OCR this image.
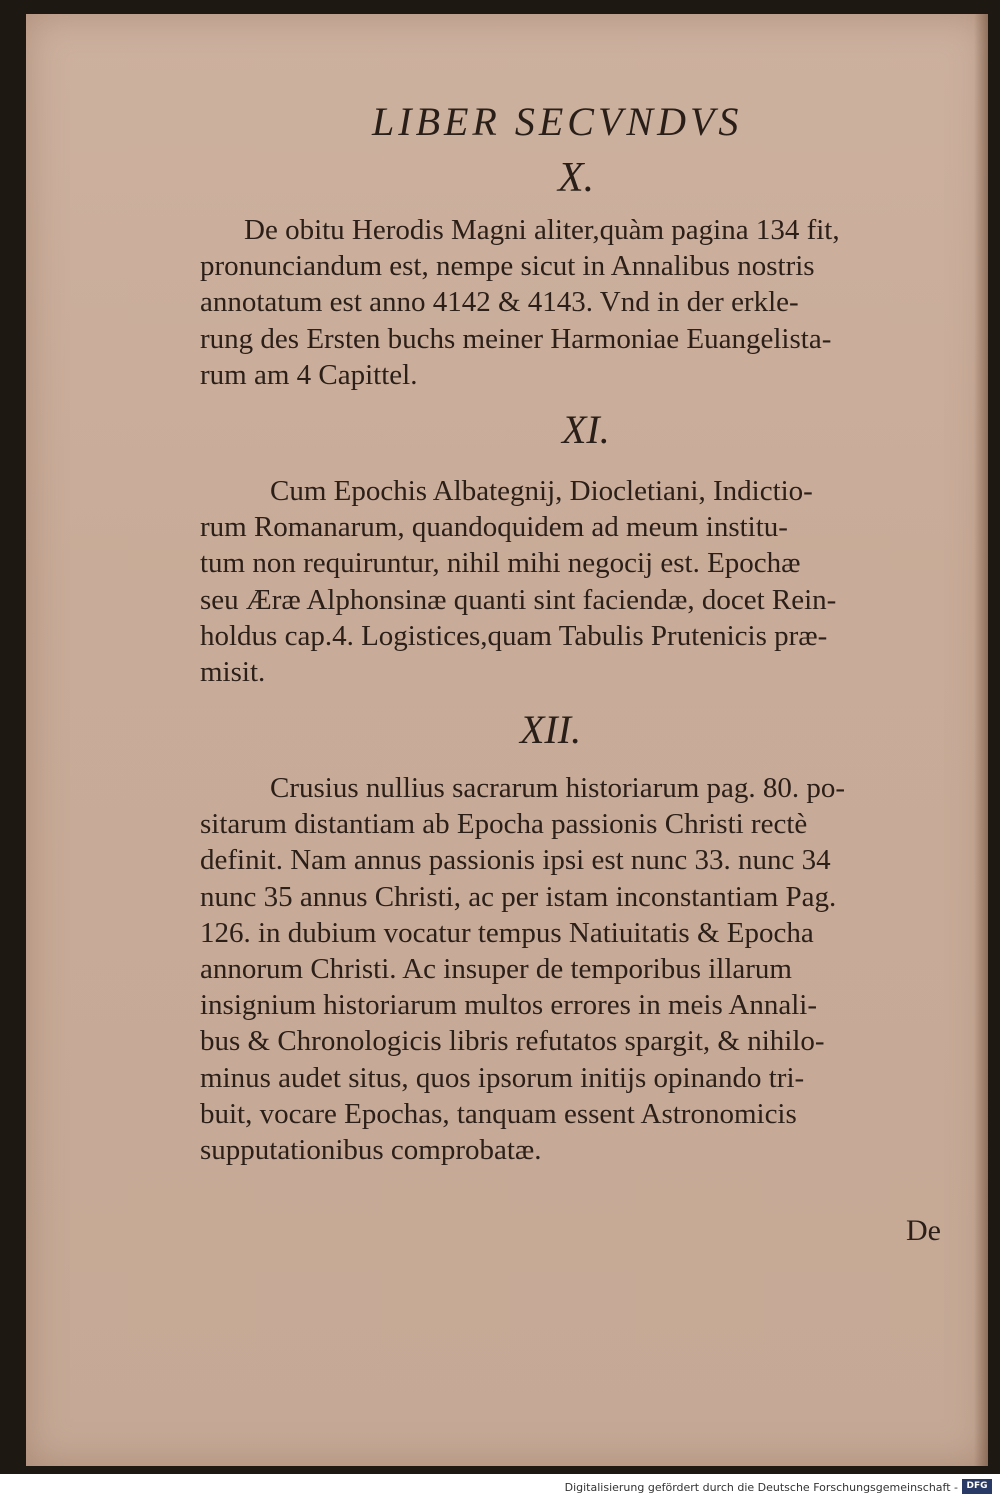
LIBER SECVNDVS
X.
De obitu Herodis Magni aliter,quàm pagina 134 fit,
pronunciandum est, nempe sicut in Annalibus nostris
annotatum est anno 4142 & 4143. Vnd in der erkle-
rung des Ersten buchs meiner Harmoniae Euangelista-
rum am 4 Capittel.
XI.
Cum Epochis Albategnij, Diocletiani, Indictio-
rum Romanarum, quandoquidem ad meum institu-
tum non requiruntur, nihil mihi negocij est. Epochæ
seu Æræ Alphonsinæ quanti sint faciendæ, docet Rein-
holdus cap.4. Logistices,quam Tabulis Prutenicis præ-
misit.
XII.
Crusius nullius sacrarum historiarum pag. 80. po-
sitarum distantiam ab Epocha passionis Christi rectè
definit. Nam annus passionis ipsi est nunc 33. nunc 34
nunc 35 annus Christi, ac per istam inconstantiam Pag.
126. in dubium vocatur tempus Natiuitatis & Epocha
annorum Christi. Ac insuper de temporibus illarum
insignium historiarum multos errores in meis Annali-
bus & Chronologicis libris refutatos spargit, & nihilo-
minus audet situs, quos ipsorum initijs opinando tri-
buit, vocare Epochas, tanquam essent Astronomicis
supputationibus comprobatæ.
De
Digitalisierung gefördert durch die Deutsche Forschungsgemeinschaft - DFG
